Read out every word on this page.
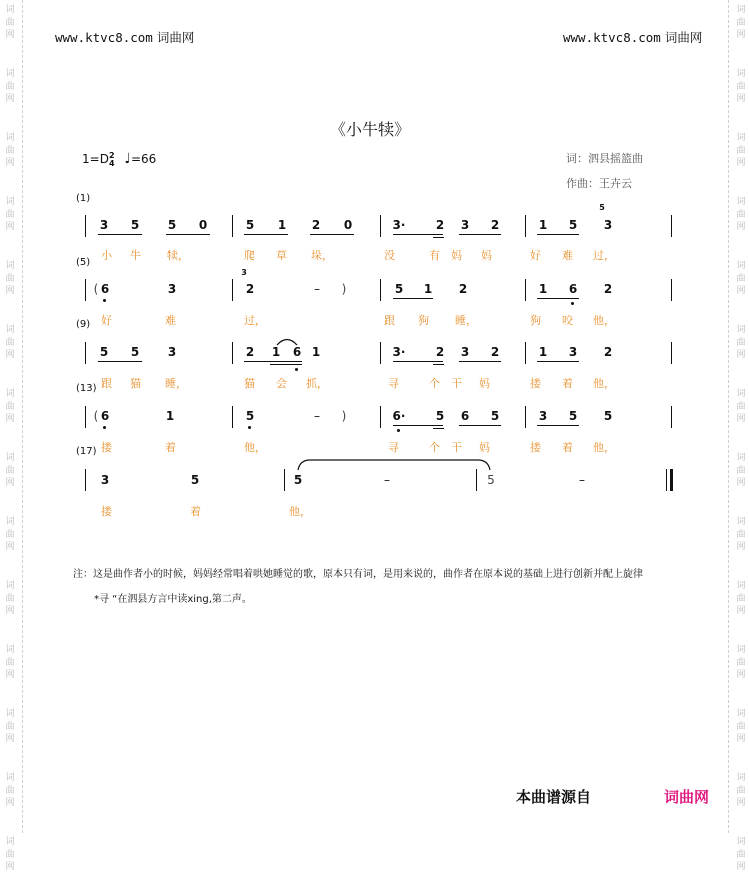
词
曲
网
词
曲
网
词
曲
网
词
曲
网
词
曲
网
词
曲
网
词
曲
网
词
曲
网
词
曲
网
词
曲
网
词
曲
网
词
曲
网
词
曲
网
词
曲
网
词
曲
网
词
曲
网
词
曲
网
词
曲
网
词
曲
网
词
曲
网
词
曲
网
词
曲
网
词
曲
网
词
曲
网
词
曲
网
词
曲
网
词
曲
网
词
曲
网
www.ktvc8.com 词曲网	www.ktvc8.com 词曲网
《小牛犊》
1=D2
4 ♩=66	词：泗县摇篮曲
作曲：王卉云
(1)
(5)
(9)
(13)
(17)
3	5	5	0	5	1	2	0	3·	2	3	2	1	5
5
3
小 牛 犊，	爬 草 垛，	没	有 妈 妈	好 难 过，
( 6	3
3
2	–	)	5	1	2	1	6	2
好	难	过，	跟 狗 睡，	狗 咬 他，
5	5	3	2	1	6 1	3·	2	3	2	1	3	2
跟 猫 睡，	猫 会 抓，	寻	个 干 妈	搂 着 他，
( 6	1	5	–	)	6·	5	6	5	3	5	5
搂	着	他，	寻	个 干 妈	搂 着 他，
3	5	5	–	5	–
搂	着	他，
注：这是曲作者小的时候，妈妈经常唱着哄她睡觉的歌，原本只有词，是用来说的，曲作者在原本说的基础上进行创新并配上旋律
*寻 “在泗县方言中读xing,第二声。
本曲谱源自	词曲网
